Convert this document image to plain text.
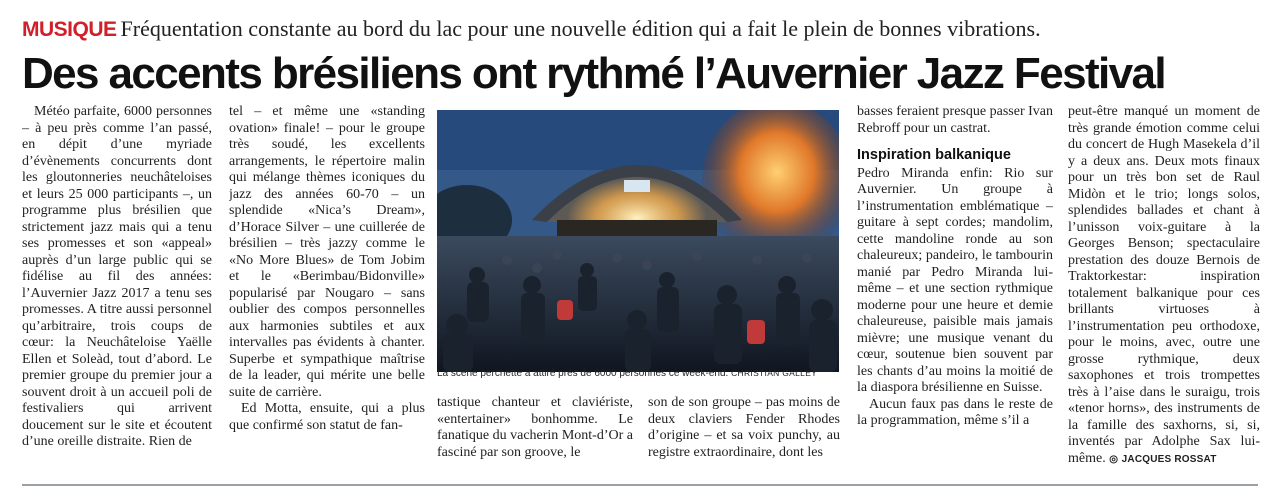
MUSIQUE Fréquentation constante au bord du lac pour une nouvelle édition qui a fait le plein de bonnes vibrations.
Des accents brésiliens ont rythmé l’Auvernier Jazz Festival

Météo parfaite, 6000 personnes – à peu près comme l’an passé, en dépit d’une myriade d’évènements concurrents dont les gloutonneries neuchâteloises et leurs 25 000 participants –, un programme plus brésilien que strictement jazz mais qui a tenu ses promesses et son «appeal» auprès d’un large public qui se fidélise au fil des années: l’Auvernier Jazz 2017 a tenu ses promesses. A titre aussi personnel qu’arbitraire, trois coups de cœur: la Neuchâteloise Yaëlle Ellen et Soleàd, tout d’abord. Le premier groupe du premier jour a souvent droit à un accueil poli de festivaliers qui arrivent doucement sur le site et écoutent d’une oreille distraite. Rien de

tel – et même une «standing ovation» finale! – pour le groupe très soudé, les excellents arrangements, le répertoire malin qui mélange thèmes iconiques du jazz des années 60-70 – un splendide «Nica’s Dream», d’Horace Silver – une cuillerée de brésilien – très jazzy comme le «No More Blues» de Tom Jobim et le «Berimbau/Bidonville» popularisé par Nougaro – sans oublier des compos personnelles aux harmonies subtiles et aux intervalles pas évidents à chanter. Superbe et sympathique maîtrise de la leader, qui mérite une belle suite de carrière.

Ed Motta, ensuite, qui a plus que confirmé son statut de fan-

La scène perchette a attiré près de 6000 personnes ce week-end. CHRISTIAN GALLEY

tastique chanteur et claviériste, «entertainer» bonhomme. Le fanatique du vacherin Mont-d’Or a fasciné par son groove, le

son de son groupe – pas moins de deux claviers Fender Rhodes d’origine – et sa voix punchy, au registre extraordinaire, dont les

basses feraient presque passer Ivan Rebroff pour un castrat.

Inspiration balkanique

Pedro Miranda enfin: Rio sur Auvernier. Un groupe à l’instrumentation emblématique – guitare à sept cordes; mandolim, cette mandoline ronde au son chaleureux; pandeiro, le tambourin manié par Pedro Miranda lui-même – et une section rythmique moderne pour une heure et demie chaleureuse, paisible mais jamais mièvre; une musique venant du cœur, soutenue bien souvent par les chants d’au moins la moitié de la diaspora brésilienne en Suisse.

Aucun faux pas dans le reste de la programmation, même s’il a

peut-être manqué un moment de très grande émotion comme celui du concert de Hugh Masekela d’il y a deux ans. Deux mots finaux pour un très bon set de Raul Midòn et le trio; longs solos, splendides ballades et chant à l’unisson voix-guitare à la Georges Benson; spectaculaire prestation des douze Bernois de Traktorkestar: inspiration totalement balkanique pour ces brillants virtuoses à l’instrumentation peu orthodoxe, pour le moins, avec, outre une grosse rythmique, deux saxophones et trois trompettes très à l’aise dans le suraigu, trois «tenor horns», des instruments de la famille des saxhorns, si, si, inventés par Adolphe Sax lui-même. ◎ JACQUES ROSSAT
